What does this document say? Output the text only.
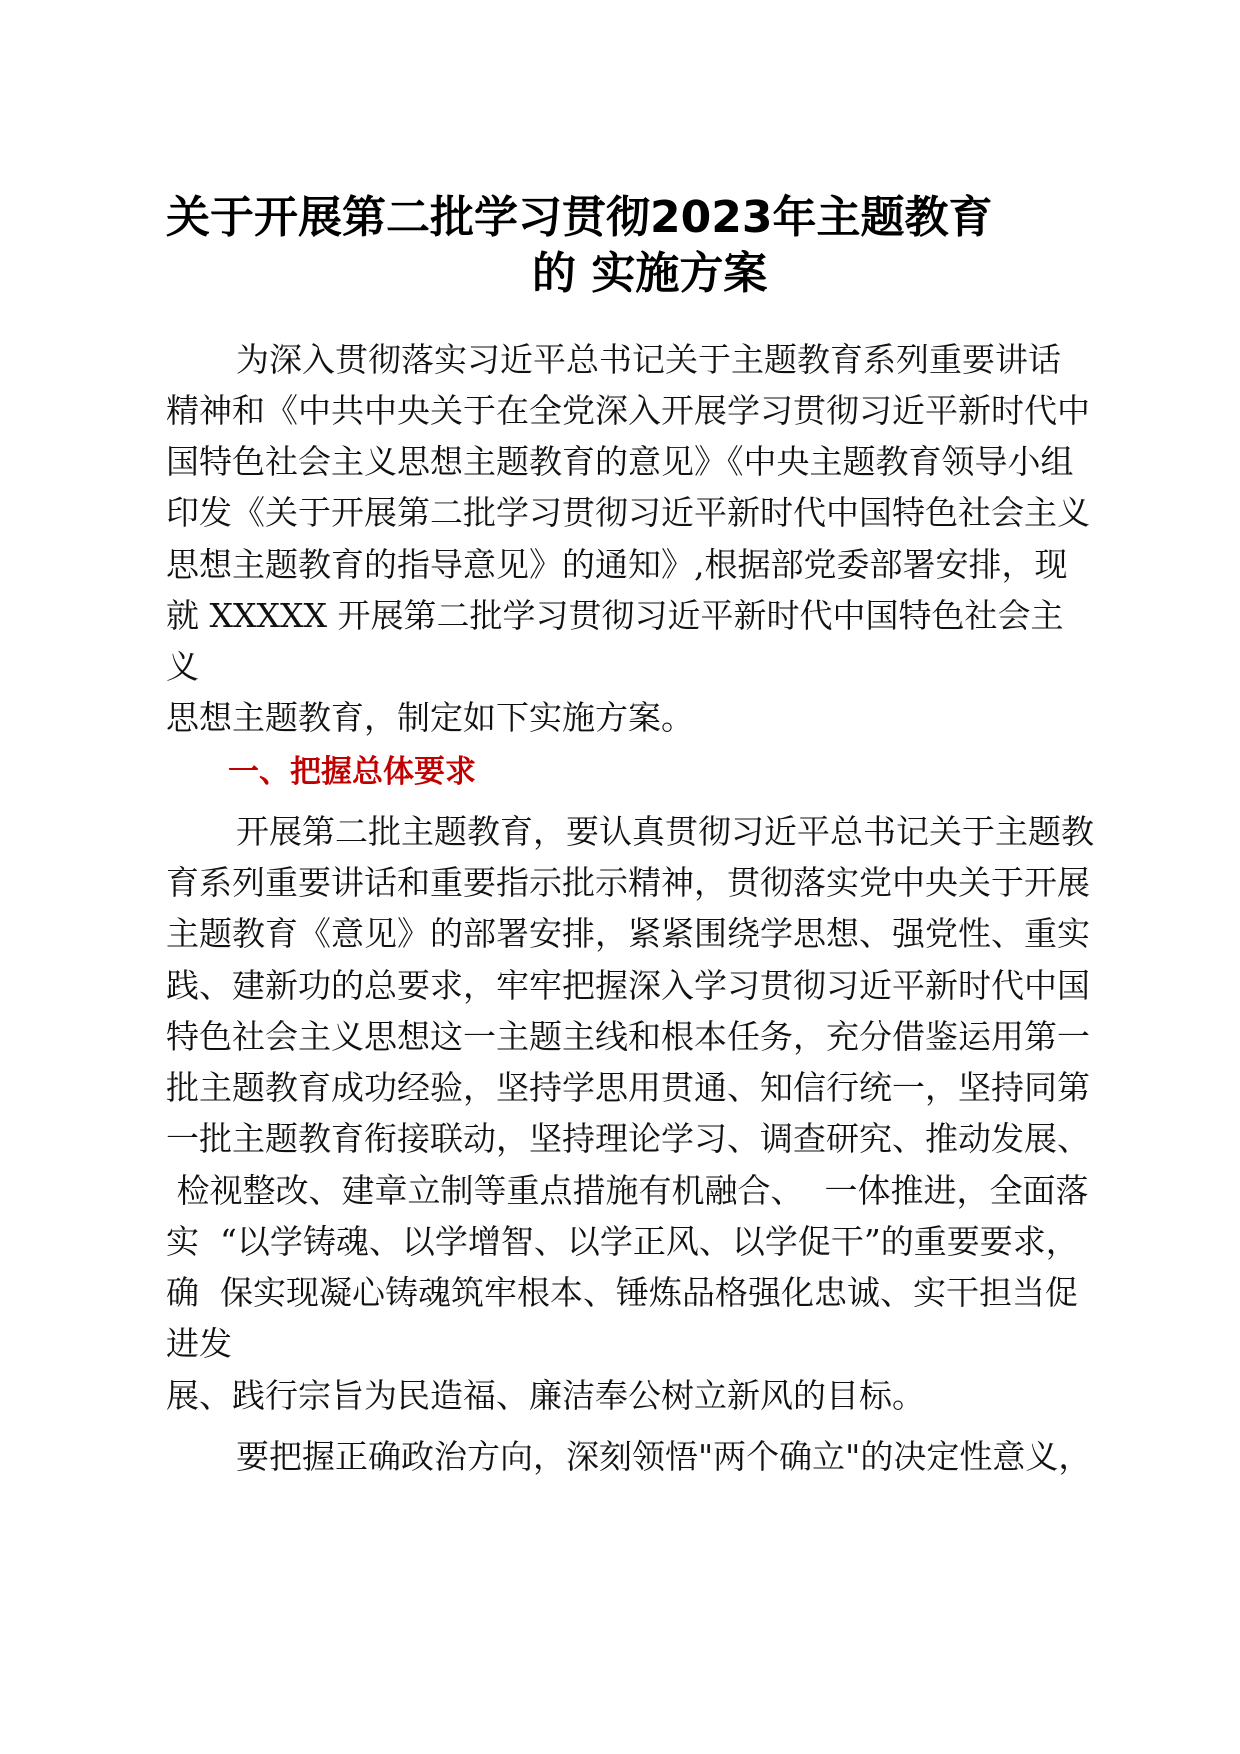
关于开展第二批学习贯彻2023年主题教育
的 实施方案
为深入贯彻落实习近平总书记关于主题教育系列重要讲话
精神和《中共中央关于在全党深入开展学习贯彻习近平新时代中
国特色社会主义思想主题教育的意见》《中央主题教育领导小组
印发《关于开展第二批学习贯彻习近平新时代中国特色社会主义
思想主题教育的指导意见》的通知》,根据部党委部署安排，现
就 XXXXX 开展第二批学习贯彻习近平新时代中国特色社会主
义
思想主题教育，制定如下实施方案。
一、把握总体要求
开展第二批主题教育，要认真贯彻习近平总书记关于主题教
育系列重要讲话和重要指示批示精神，贯彻落实党中央关于开展
主题教育《意见》的部署安排，紧紧围绕学思想、强党性、重实
践、建新功的总要求，牢牢把握深入学习贯彻习近平新时代中国
特色社会主义思想这一主题主线和根本任务，充分借鉴运用第一
批主题教育成功经验，坚持学思用贯通、知信行统一，坚持同第
一批主题教育衔接联动，坚持理论学习、调查研究、推动发展、
检视整改、建章立制等重点措施有机融合、  一体推进，全面落
实  “以学铸魂、以学增智、以学正风、以学促干”的重要要求，
确  保实现凝心铸魂筑牢根本、锤炼品格强化忠诚、实干担当促
进发
展、践行宗旨为民造福、廉洁奉公树立新风的目标。
要把握正确政治方向，深刻领悟"两个确立"的决定性意义，
